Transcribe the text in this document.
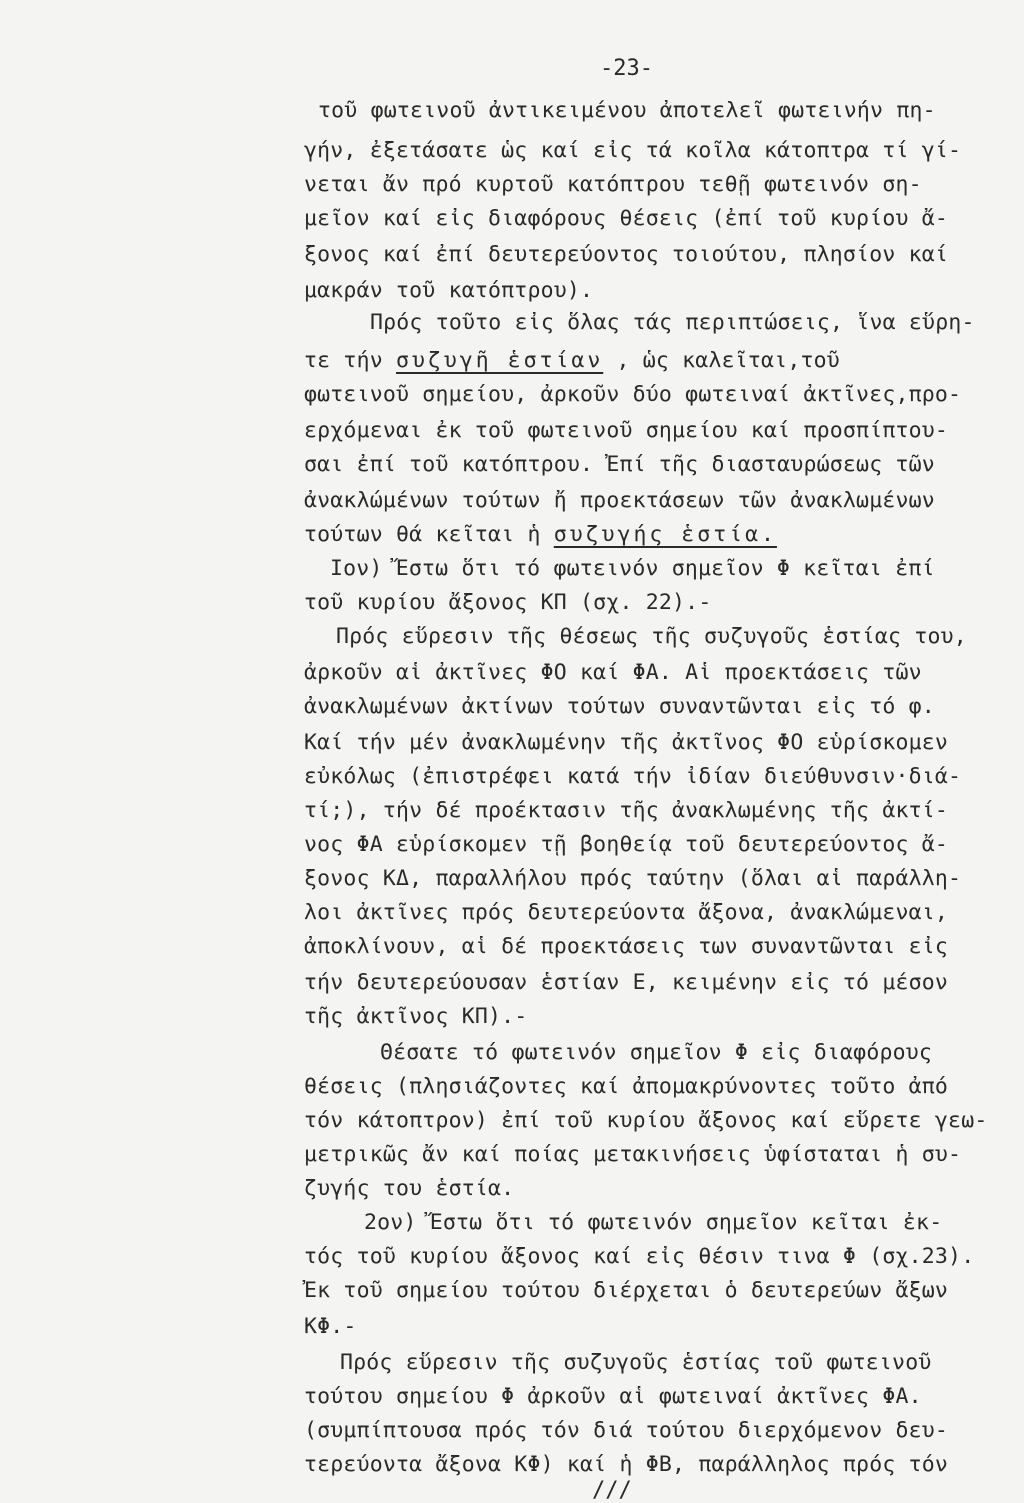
-23-
τοῦ φωτεινοῦ ἀντικειμένου ἀποτελεῖ φωτεινήν πη-
γήν, ἐξετάσατε ὡς καί εἰς τά κοῖλα κάτοπτρα τί γί-
νεται ἄν πρό κυρτοῦ κατόπτρου τεθῇ φωτεινόν ση-
μεῖον καί εἰς διαφόρους θέσεις (ἐπί τοῦ κυρίου ἄ-
ξονος καί ἐπί δευτερεύοντος τοιούτου, πλησίον καί
μακράν τοῦ κατόπτρου).
Πρός τοῦτο εἰς ὅλας τάς περιπτώσεις, ἵνα εὕρη-
τε τήν συζυγῆ ἑστίαν , ὡς καλεῖται,τοῦ
φωτεινοῦ σημείου, ἀρκοῦν δύο φωτειναί ἀκτῖνες,προ-
ερχόμεναι ἐκ τοῦ φωτεινοῦ σημείου καί προσπίπτου-
σαι ἐπί τοῦ κατόπτρου. Ἐπί τῆς διασταυρώσεως τῶν
ἀνακλώμένων τούτων ἤ προεκτάσεων τῶν ἀνακλωμένων
τούτων θά κεῖται ἡ συζυγής ἑστία.
Ιον) Ἔστω ὅτι τό φωτεινόν σημεῖον Φ κεῖται ἐπί
τοῦ κυρίου ἄξονος ΚΠ (σχ. 22).-
Πρός εὕρεσιν τῆς θέσεως τῆς συζυγοῦς ἑστίας του,
ἀρκοῦν αἱ ἀκτῖνες ΦΟ καί ΦΑ. Αἱ προεκτάσεις τῶν
ἀνακλωμένων ἀκτίνων τούτων συναντῶνται εἰς τό φ.
Καί τήν μέν ἀνακλωμένην τῆς ἀκτῖνος ΦΟ εὑρίσκομεν
εὐκόλως (ἐπιστρέφει κατά τήν ἰδίαν διεύθυνσιν·διά-
τί;), τήν δέ προέκτασιν τῆς ἀνακλωμένης τῆς ἀκτί-
νος ΦΑ εὑρίσκομεν τῇ βοηθείᾳ τοῦ δευτερεύοντος ἄ-
ξονος ΚΔ, παραλλήλου πρός ταύτην (ὅλαι αἱ παράλλη-
λοι ἀκτῖνες πρός δευτερεύοντα ἄξονα, ἀνακλώμεναι,
ἀποκλίνουν, αἱ δέ προεκτάσεις των συναντῶνται εἰς
τήν δευτερεύουσαν ἑστίαν Ε, κειμένην εἰς τό μέσον
τῆς ἀκτῖνος ΚΠ).-
Θέσατε τό φωτεινόν σημεῖον Φ εἰς διαφόρους
θέσεις (πλησιάζοντες καί ἀπομακρύνοντες τοῦτο ἀπό
τόν κάτοπτρον) ἐπί τοῦ κυρίου ἄξονος καί εὕρετε γεω-
μετρικῶς ἄν καί ποίας μετακινήσεις ὑφίσταται ἡ συ-
ζυγής του ἑστία.
2ον) Ἔστω ὅτι τό φωτεινόν σημεῖον κεῖται ἐκ-
τός τοῦ κυρίου ἄξονος καί εἰς θέσιν τινα Φ (σχ.23).
Ἐκ τοῦ σημείου τούτου διέρχεται ὁ δευτερεύων ἄξων
ΚΦ.-
Πρός εὕρεσιν τῆς συζυγοῦς ἑστίας τοῦ φωτεινοῦ
τούτου σημείου Φ ἀρκοῦν αἱ φωτειναί ἀκτῖνες ΦΑ.
(συμπίπτουσα πρός τόν διά τούτου διερχόμενον δευ-
τερεύοντα ἄξονα ΚΦ) καί ἡ ΦΒ, παράλληλος πρός τόν
///
